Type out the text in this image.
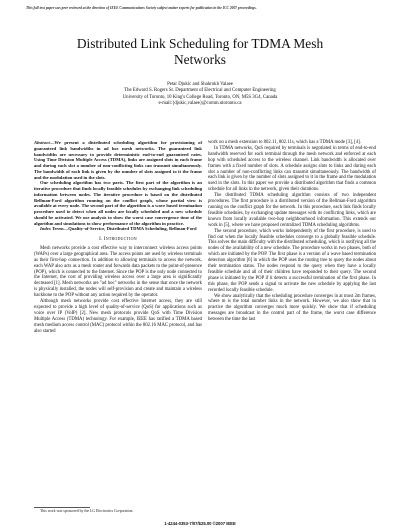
This full text paper was peer reviewed at the direction of IEEE Communications Society subject matter experts for publication in the ICC 2007 proceedings.
Distributed Link Scheduling for TDMA Mesh
Networks
Petar Djukic and Shahrokh Valaee
The Edward S. Rogers Sr. Department of Electrical and Computer Engineering
University of Toronto, 10 King's College Road, Toronto, ON, M5S 3G4, Canada
e-mail:{djukic,valaee}@comm.utoronto.ca

Abstract—We present a distributed scheduling algorithm for provisioning of guaranteed link bandwidths in ad hoc mesh networks. The guaranteed link bandwidths are necessary to provide deterministic end-to-end guaranteed rates. Using Time Division Multiple Access (TDMA), links are assigned slots in each frame and during each slot a number of non-conflicting links can transmit simultaneously. The bandwidth of each link is given by the number of slots assigned to it the frame and the modulation used in the slots.

Our scheduling algorithm has two parts. The first part of the algorithm is an iterative procedure that finds locally feasible schedules by exchanging link scheduling information between nodes. The iterative procedure is based on the distributed Bellman-Ford algorithm running on the conflict graph, whose partial view is available at every node. The second part of the algorithm is a wave based termination procedure used to detect when all nodes are locally scheduled and a new schedule should be activated. We use analysis to show the worst case convergence time of the algorithm and simulations to show performance of the algorithm in practice.

Index Terms—Quality-of-Service, Distributed TDMA Scheduling, Bellman-Ford

I. Introduction

Mesh networks provide a cost effective way to interconnect wireless access points (WAPs) over a large geographical area. The access points are used by wireless terminals as their first-hop connection. In addition to allowing terminals to access the network, each WAP also acts as a mesh router and forwards data packets to the point-of-presence (POP), which is connected to the Internet. Since the POP is the only node connected to the Internet, the cost of providing wireless access over a large area is significantly decreased [1]. Mesh networks are "ad hoc" networks in the sense that once the network is physically installed, the nodes will self-provision and create and maintain a wireless backbone to the POP without any action required by the operator.

Although mesh networks provide cost effective Internet access, they are still expected to provide a high level of quality-of-service (QoS) for applications such as voice over IP (VoIP) [2]. New mesh protocols provide QoS with Time Division Multiple Access (TDMA) technology. For example, IEEE has ratified a TDMA based mesh medium access control (MAC) protocol within the 802.16 MAC protocol, and has also started

This work was sponsored by the LG Electronics Corporation.

work on a mesh extension to 802.11, 802.11s, which has a TDMA mode [3], [4].

In TDMA networks, QoS required by terminals is negotiated in terms of end-to-end bandwidth reserved for each terminal through the mesh network and enforced at each hop with scheduled access to the wireless channel. Link bandwidth is allocated over frames with a fixed number of slots. A schedule assigns slots to links and during each slot a number of non-conflicting links can transmit simultaneously. The bandwidth of each link is given by the number of slots assigned to it in the frame and the modulation used in the slots. In this paper we provide a distributed algorithm that finds a common schedule for all links in the network, given their durations.

The distributed TDMA scheduling algorithm consists of two independent procedures. The first procedure is a distributed version of the Bellman-Ford algorithm running on the conflict graph for the network. In this procedure, each link finds locally feasible schedules, by exchanging update messages with its conflicting links, which are known from locally available two-hop neighbourhood information. This extends our work in [5], where we have proposed centralized TDMA scheduling algorithms.

The second procedure, which works independently of the first procedure, is used to find out when the locally feasible schedules converge to a globally feasible schedule. This solves the main difficulty with the distributed scheduling, which is notifying all the nodes of the availability of a new schedule. The procedure works in two phases, both of which are initiated by the POP. The first phase is a version of a wave based termination detection algorithm [6] in which the POP uses the routing tree to query the nodes about their termination status. The nodes respond to the query when they have a locally feasible schedule and all of their children have responded to their query. The second phase is initiated by the POP if it detects a successful termination of the first phase. In this phase, the POP sends a signal to activate the new schedule by applying the last recorded locally feasible schedule.

We show analytically that the scheduling procedure converges in at most 2m frames, where m is the total number links in the network. However, we also show that in practice the algorithm converges much more quickly. We show that if scheduling messages are broadcast in the control part of the frame, the worst case difference between the time the last

1-4244-0353-7/07/$25.00 ©2007 IEEE
